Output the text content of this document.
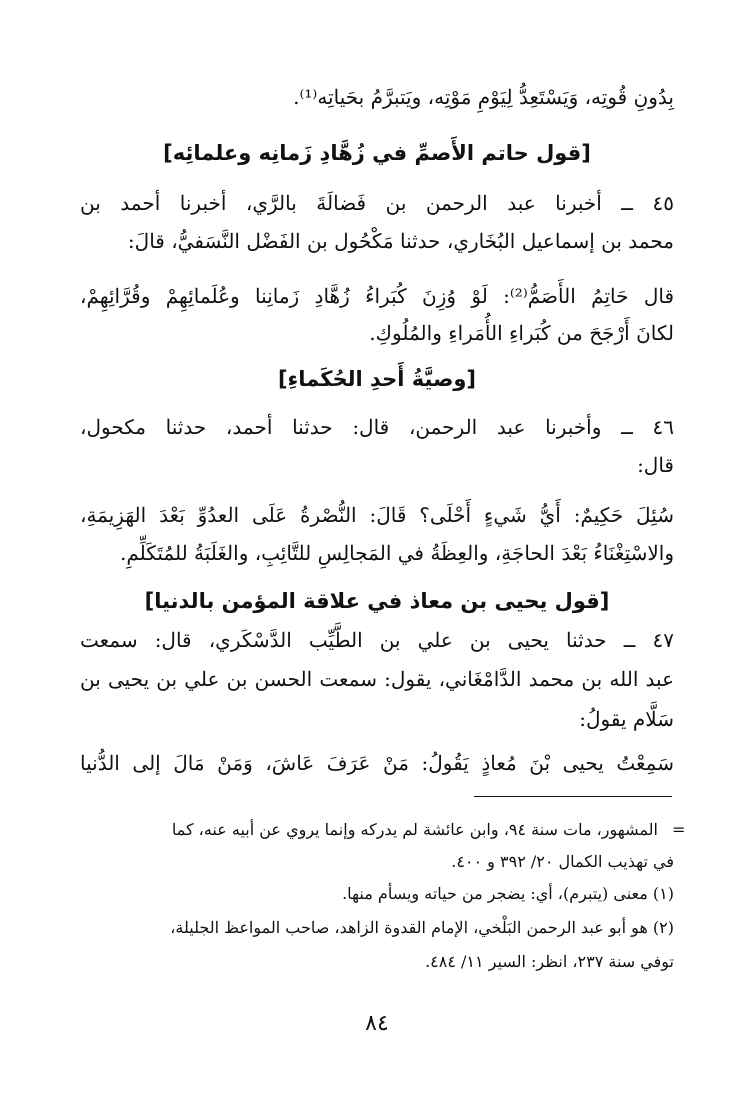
بِدُونِ قُوتِه، وَيَسْتَعِدُّ لِيَوْمِ مَوْتِه، ويَتبرَّمُ بحَياتِه⁽¹⁾.
[قول حاتم الأَصمِّ في زُهَّادِ زَمانِه وعلمائِه]
٤٥ ــ أخبرنا عبد الرحمن بن فَضالَةَ بالرَّي، أخبرنا أحمد بن
محمد بن إسماعيل البُخَاري، حدثنا مَكْحُول بن الفَضْل النَّسَفيُّ، قالَ:
قال حَاتِمُ الأَصَمُّ⁽²⁾: لَوْ وُزِنَ كُبَراءُ زُهَّادِ زَمانِنا وعُلَمائِهِمْ وقُرَّائِهِمْ،
لكانَ أَرْجَحَ من كُبَراءِ الأُمَراءِ والمُلُوكِ.
[وصيَّةُ أَحدِ الحُكَماءِ]
٤٦ ــ وأخبرنا عبد الرحمن، قال: حدثنا أحمد، حدثنا مكحول،
قال:
سُئِلَ حَكِيمٌ: أَيُّ شَيءٍ أَحْلَى؟ قَالَ: النُّصْرةُ عَلَى العدُوِّ بَعْدَ الهَزِيمَةِ،
والاسْتِغْنَاءُ بَعْدَ الحاجَةِ، والعِظَةُ في المَجالِسِ للتَّائِبِ، والغَلَبَةُ للمُتَكَلِّمِ.
[قول يحيى بن معاذ في علاقة المؤمن بالدنيا]
٤٧ ــ حدثنا يحيى بن علي بن الطَّيِّب الدَّسْكَري، قال: سمعت
عبد الله بن محمد الدَّامْغَاني، يقول: سمعت الحسن بن علي بن يحيى بن
سَلَّام يقولُ:
سَمِعْتُ يحيى بْنَ مُعاذٍ يَقُولُ: مَنْ عَرَفَ عَاشَ، وَمَنْ مَالَ إلى الدُّنيا
=
المشهور، مات سنة ٩٤، وابن عائشة لم يدركه وإنما يروي عن أبيه عنه، كما
في تهذيب الكمال ٢٠/ ٣٩٢ و ٤٠٠.
(١) معنى (يتبرم)، أي: يضجر من حياته ويسأم منها.
(٢) هو أبو عبد الرحمن البَلْخي، الإمام القدوة الزاهد، صاحب المواعظ الجليلة،
توفي سنة ٢٣٧، انظر: السير ١١/ ٤٨٤.
٨٤
